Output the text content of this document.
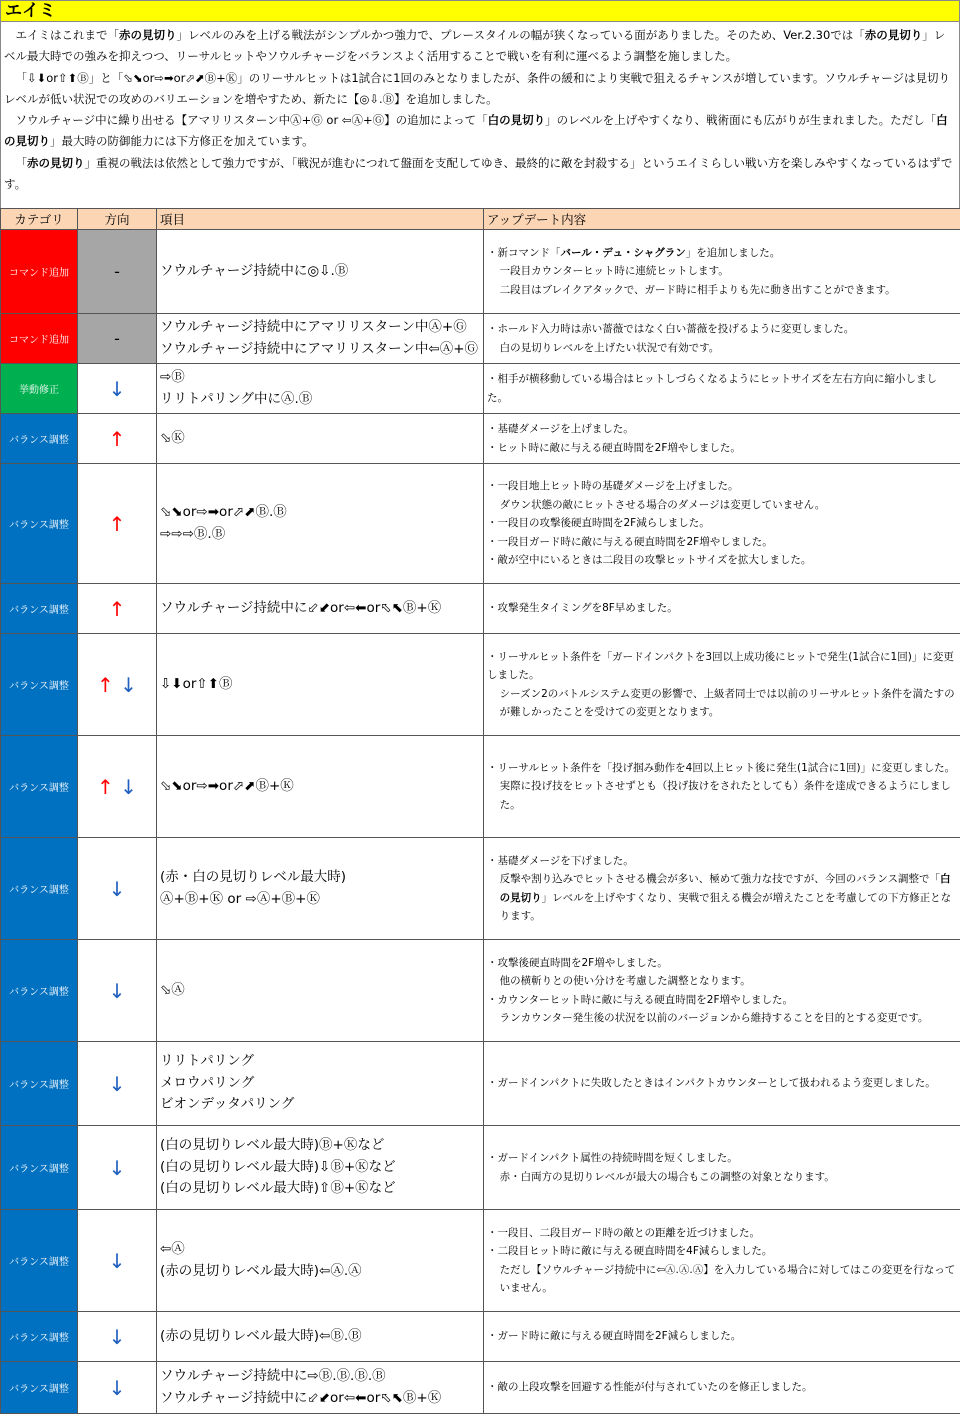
エイミ

エイミはこれまで「赤の見切り」レベルのみを上げる戦法がシンプルかつ強力で、プレースタイルの幅が狭くなっている面がありました。そのため、Ver.2.30では「赤の見切り」レベル最大時での強みを抑えつつ、リーサルヒットやソウルチャージをバランスよく活用することで戦いを有利に運べるよう調整を施しました。

「⇩⬇or⇧⬆Ⓑ」と「⬂⬊or⇨➡or⬀⬈Ⓑ+Ⓚ」のリーサルヒットは1試合に1回のみとなりましたが、条件の緩和により実戦で狙えるチャンスが増しています。ソウルチャージは見切りレベルが低い状況での攻めのバリエーションを増やすため、新たに【◎⇩.Ⓑ】を追加しました。

ソウルチャージ中に繰り出せる【アマリリスターン中Ⓐ+Ⓖ or ⇦Ⓐ+Ⓖ】の追加によって「白の見切り」のレベルを上げやすくなり、戦術面にも広がりが生まれました。ただし「白の見切り」最大時の防御能力には下方修正を加えています。

「赤の見切り」重視の戦法は依然として強力ですが、「戦況が進むにつれて盤面を支配してゆき、最終的に敵を封殺する」というエイミらしい戦い方を楽しみやすくなっているはずです。

カテゴリ	方向	項目	アップデート内容
コマンド追加	-	ソウルチャージ持続中に◎⇩.Ⓑ	・新コマンド「バール・デュ・シャグラン」を追加しました。
一段目カウンターヒット時に連続ヒットします。
二段目はブレイクアタックで、ガード時に相手よりも先に動き出すことができます。

コマンド追加	-	ソウルチャージ持続中にアマリリスターン中Ⓐ+Ⓖ
ソウルチャージ持続中にアマリリスターン中⇦Ⓐ+Ⓖ	・ホールド入力時は赤い薔薇ではなく白い薔薇を投げるように変更しました。
白の見切りレベルを上げたい状況で有効です。

挙動修正	↓	⇨Ⓑ
リリトパリング中にⒶ.Ⓑ	・相手が横移動している場合はヒットしづらくなるようにヒットサイズを左右方向に縮小しました。

バランス調整	↑	⬂Ⓚ	・基礎ダメージを上げました。
・ヒット時に敵に与える硬直時間を2F増やしました。

バランス調整	↑	⬂⬊or⇨➡or⬀⬈Ⓑ.Ⓑ
⇨⇨⇨Ⓑ.Ⓑ	・一段目地上ヒット時の基礎ダメージを上げました。
ダウン状態の敵にヒットさせる場合のダメージは変更していません。
・一段目の攻撃後硬直時間を2F減らしました。
・一段目ガード時に敵に与える硬直時間を2F増やしました。
・敵が空中にいるときは二段目の攻撃ヒットサイズを拡大しました。

バランス調整	↑	ソウルチャージ持続中に⬃⬋or⇦⬅or⬁⬉Ⓑ+Ⓚ	・攻撃発生タイミングを8F早めました。

バランス調整	↑ ↓	⇩⬇or⇧⬆Ⓑ	・リーサルヒット条件を「ガードインパクトを3回以上成功後にヒットで発生(1試合に1回)」に変更しました。
シーズン2のバトルシステム変更の影響で、上級者同士では以前のリーサルヒット条件を満たすのが難しかったことを受けての変更となります。

バランス調整	↑ ↓	⬂⬊or⇨➡or⬀⬈Ⓑ+Ⓚ	・リーサルヒット条件を「投げ掴み動作を4回以上ヒット後に発生(1試合に1回)」に変更しました。
実際に投げ技をヒットさせずとも（投げ抜けをされたとしても）条件を達成できるようにしました。

バランス調整	↓	(赤・白の見切りレベル最大時)
Ⓐ+Ⓑ+Ⓚ or ⇨Ⓐ+Ⓑ+Ⓚ	・基礎ダメージを下げました。
反撃や割り込みでヒットさせる機会が多い、極めて強力な技ですが、今回のバランス調整で「白の見切り」レベルを上げやすくなり、実戦で狙える機会が増えたことを考慮しての下方修正となります。

バランス調整	↓	⬂Ⓐ	・攻撃後硬直時間を2F増やしました。
他の横斬りとの使い分けを考慮した調整となります。
・カウンターヒット時に敵に与える硬直時間を2F増やしました。
ランカウンター発生後の状況を以前のバージョンから維持することを目的とする変更です。

バランス調整	↓	リリトパリング
メロウパリング
ビオンデッタパリング	・ガードインパクトに失敗したときはインパクトカウンターとして扱われるよう変更しました。

バランス調整	↓	(白の見切りレベル最大時)Ⓑ+Ⓚなど
(白の見切りレベル最大時)⇩Ⓑ+Ⓚなど
(白の見切りレベル最大時)⇧Ⓑ+Ⓚなど	・ガードインパクト属性の持続時間を短くしました。
赤・白両方の見切りレベルが最大の場合もこの調整の対象となります。

バランス調整	↓	⇦Ⓐ
(赤の見切りレベル最大時)⇦Ⓐ.Ⓐ	・一段目、二段目ガード時の敵との距離を近づけました。
・二段目ヒット時に敵に与える硬直時間を4F減らしました。
ただし【ソウルチャージ持続中に⇦Ⓐ.Ⓐ.Ⓐ】を入力している場合に対してはこの変更を行なっていません。

バランス調整	↓	(赤の見切りレベル最大時)⇦Ⓑ.Ⓑ	・ガード時に敵に与える硬直時間を2F減らしました。

バランス調整	↓	ソウルチャージ持続中に⇨Ⓑ.Ⓑ.Ⓑ.Ⓑ
ソウルチャージ持続中に⬃⬋or⇦⬅or⬁⬉Ⓑ+Ⓚ	・敵の上段攻撃を回避する性能が付与されていたのを修正しました。
